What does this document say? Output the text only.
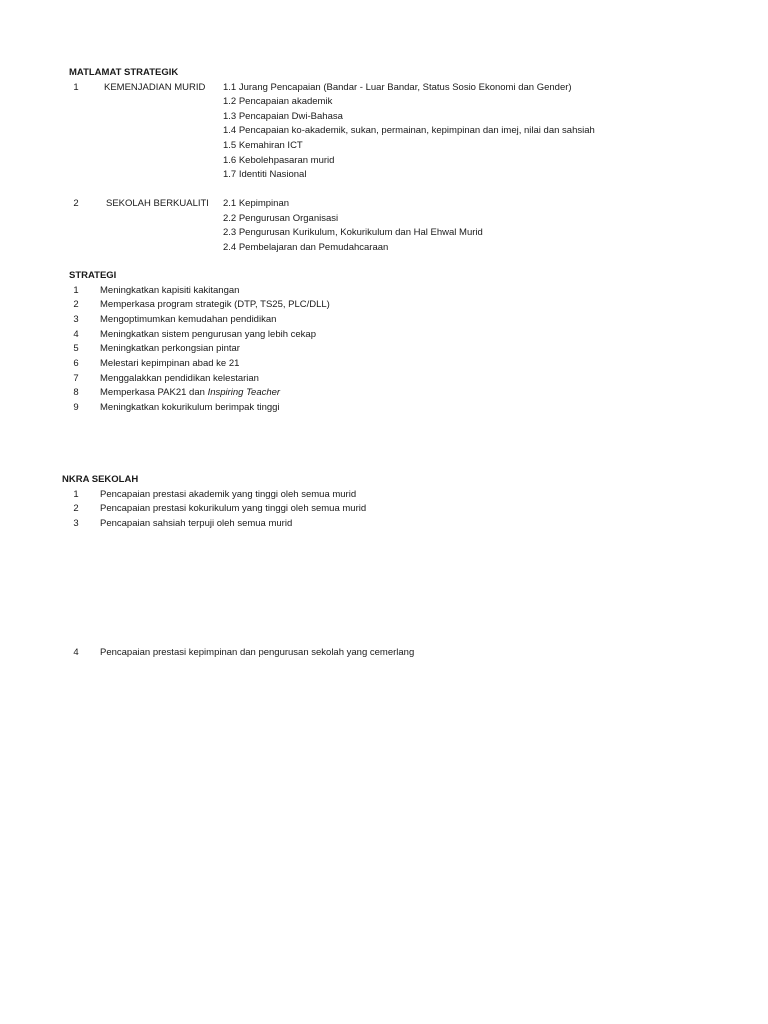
MATLAMAT STRATEGIK
1	KEMENJADIAN MURID 1.1 Jurang Pencapaian (Bandar - Luar Bandar, Status Sosio Ekonomi dan Gender)
1.2 Pencapaian akademik
1.3 Pencapaian Dwi-Bahasa
1.4 Pencapaian ko-akademik, sukan, permainan, kepimpinan dan imej, nilai dan sahsiah
1.5 Kemahiran ICT
1.6 Kebolehpasaran murid
1.7 Identiti Nasional
2	SEKOLAH BERKUALITI 2.1 Kepimpinan
2.2 Pengurusan Organisasi
2.3 Pengurusan Kurikulum, Kokurikulum dan Hal Ehwal Murid
2.4 Pembelajaran dan Pemudahcaraan
STRATEGI
1	Meningkatkan kapisiti kakitangan
2	Memperkasa program strategik (DTP, TS25, PLC/DLL)
3	Mengoptimumkan kemudahan pendidikan
4	Meningkatkan sistem pengurusan yang lebih cekap
5	Meningkatkan perkongsian pintar
6	Melestari kepimpinan abad ke 21
7	Menggalakkan pendidikan kelestarian
8	Memperkasa PAK21 dan Inspiring Teacher
9	Meningkatkan kokurikulum berimpak tinggi
NKRA SEKOLAH
1	Pencapaian prestasi akademik yang tinggi oleh semua murid
2	Pencapaian prestasi kokurikulum yang tinggi oleh semua murid
3	Pencapaian sahsiah terpuji oleh semua murid
4	Pencapaian prestasi kepimpinan dan pengurusan sekolah yang cemerlang
